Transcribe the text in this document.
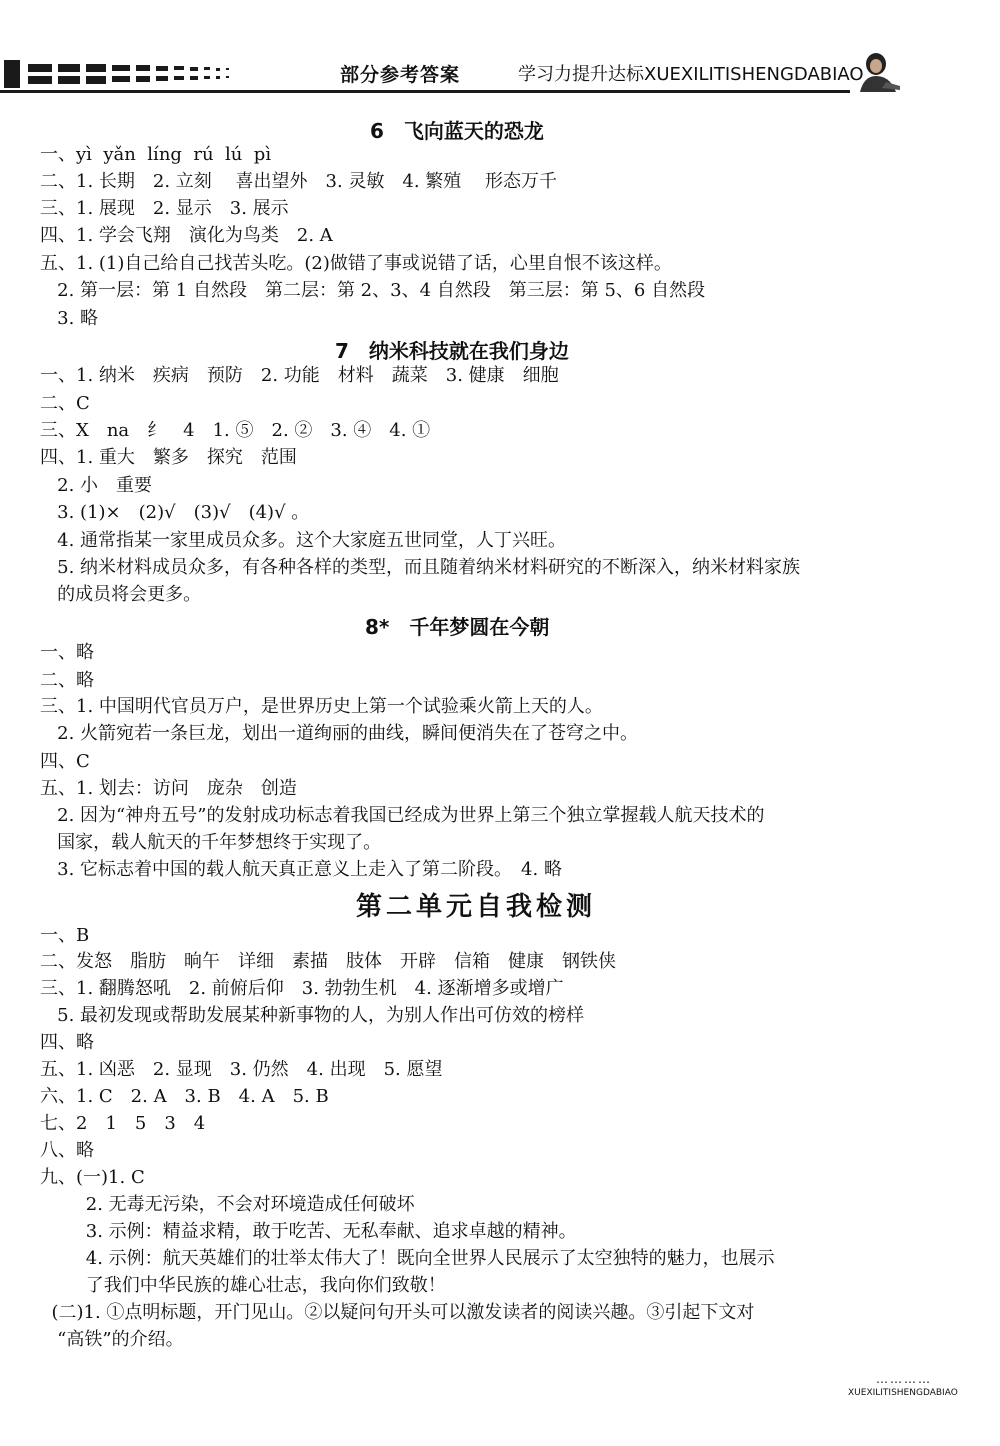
部分参考答案	学习力提升达标XUEXILITISHENGDABIAO
6　飞向蓝天的恐龙
一、yì  yǎn  líng  rú  lú  pì
二、1. 长期　2. 立刻　 喜出望外　3. 灵敏　4. 繁殖　 形态万千
三、1. 展现　2. 显示　3. 展示
四、1. 学会飞翔　演化为鸟类　2. A
五、1. (1)自己给自己找苦头吃。(2)做错了事或说错了话，心里自恨不该这样。
2. 第一层：第 1 自然段　第二层：第 2、3、4 自然段　第三层：第 5、6 自然段
3. 略
7　纳米科技就在我们身边
一、1. 纳米　疾病　预防　2. 功能　材料　蔬菜　3. 健康　细胞
二、C
三、X　na　纟　4　1. ⑤　2. ②　3. ④　4. ①
四、1. 重大　繁多　探究　范围
2. 小　重要
3. (1)×　(2)√　(3)√　(4)√ 。
4. 通常指某一家里成员众多。这个大家庭五世同堂，人丁兴旺。
5. 纳米材料成员众多，有各种各样的类型，而且随着纳米材料研究的不断深入，纳米材料家族
的成员将会更多。
8*　千年梦圆在今朝
一、略
二、略
三、1. 中国明代官员万户，是世界历史上第一个试验乘火箭上天的人。
2. 火箭宛若一条巨龙，划出一道绚丽的曲线，瞬间便消失在了苍穹之中。
四、C
五、1. 划去：访问　庞杂　创造
2. 因为“神舟五号”的发射成功标志着我国已经成为世界上第三个独立掌握载人航天技术的
国家，载人航天的千年梦想终于实现了。
3. 它标志着中国的载人航天真正意义上走入了第二阶段。　4. 略
第二单元自我检测
一、B
二、发怒　脂肪　晌午　详细　素描　肢体　开辟　信箱　健康　钢铁侠
三、1. 翻腾怒吼　2. 前俯后仰　3. 勃勃生机　4. 逐渐增多或增广
5. 最初发现或帮助发展某种新事物的人，为别人作出可仿效的榜样
四、略
五、1. 凶恶　2. 显现　3. 仍然　4. 出现　5. 愿望
六、1. C　2. A　3. B　4. A　5. B
七、2　1　5　3　4
八、略
九、(一)1. C
2. 无毒无污染，不会对环境造成任何破坏
3. 示例：精益求精，敢于吃苦、无私奉献、追求卓越的精神。
4. 示例：航天英雄们的壮举太伟大了！既向全世界人民展示了太空独特的魅力，也展示
了我们中华民族的雄心壮志，我向你们致敬！
(二)1. ①点明标题，开门见山。②以疑问句开头可以激发读者的阅读兴趣。③引起下文对
“高铁”的介绍。
…………
XUEXILITISHENGDABIAO
